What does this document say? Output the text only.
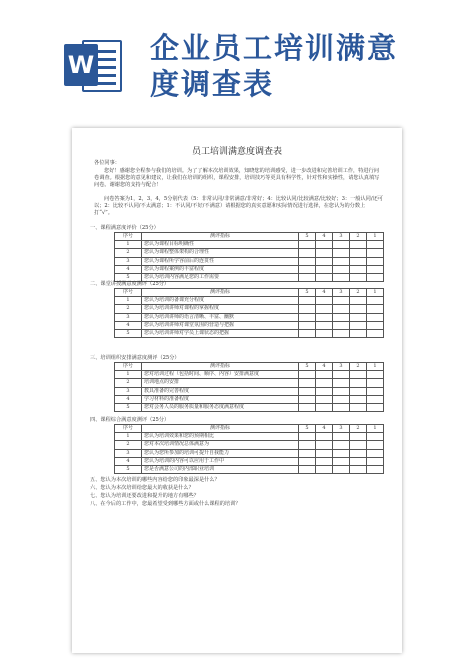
W 企业员工培训满意
度调查表
员工培训满意度调查表
各位同事：
您好！感谢您全程参与我们的培训。为了了解本次培训效果，知晓您的培训感受，进一步改进和完善培训工作，特进行问卷调查。根据您的意见和建议，让我们在培训的组织，课程安排，培训技巧等更具有科学性，针对性和实操性，请您认真填写问卷。谢谢您的支持与配合！
问卷答案为1，2，3，4，5分别代表（5：非常认同/非常满意/非常好；4：比较认同/比较满意/比较好；3：一般认同/还可以；2：比较不认同/不太满意；1：不认同/不好/不满意）请根据您的真实意愿和实际情况进行选择，在您认为的分数上打“√”。
一、课程满意度评价（25分）
序号	测评指标	5	4	3	2	1
1	您认为课程目标明确性					
2	您认为课程整体架构的合理性					
3	您认为课程所学容前后的连贯性					
4	您认为课程案例的丰富程度					
5	您认为培训内容满足您的工作需要					
二、课堂讲授满意度测评（25分）
序号	测评指标	5	4	3	2	1
1	您认为培训的备课充分程度					
2	您认为培训讲师对课程的掌握程度					
3	您认为培训讲师的语言清晰、丰富、幽默					
4	您认为培训讲师对课堂氛围的营造与把握					
5	您认为培训讲师对学员上课状态的把握					
三、培训组织安排满意度测评（25分）
序号	测评指标	5	4	3	2	1
1	您对培训过程（包括时间、顺序、内容）安排满意度					
2	培训地点的安排					
3	教具准备的完善程度					
4	学习材料的准备程度					
5	您对会务人员的服务质量和服务态度满意程度					
四、课程综合满意度测评（25分）
序号	测评指标	5	4	3	2	1
1	您认为培训效果和您的预期相比					
2	您对本次培训情况总体满意为					
3	您认为您所参加的培训可提升自我能力					
4	您认为培训的内容可以应用于工作中					
5	您是否满意公司的内部职业培训					
五、您认为本次培训的哪些内容给您的印象最深是什么？
六、您认为本次培训给您最大的收获是什么？
七、您认为培训还要改进和提升的地方有哪些？
八、在今后的工作中，您最希望受到哪些方面或什么课程的培训？
